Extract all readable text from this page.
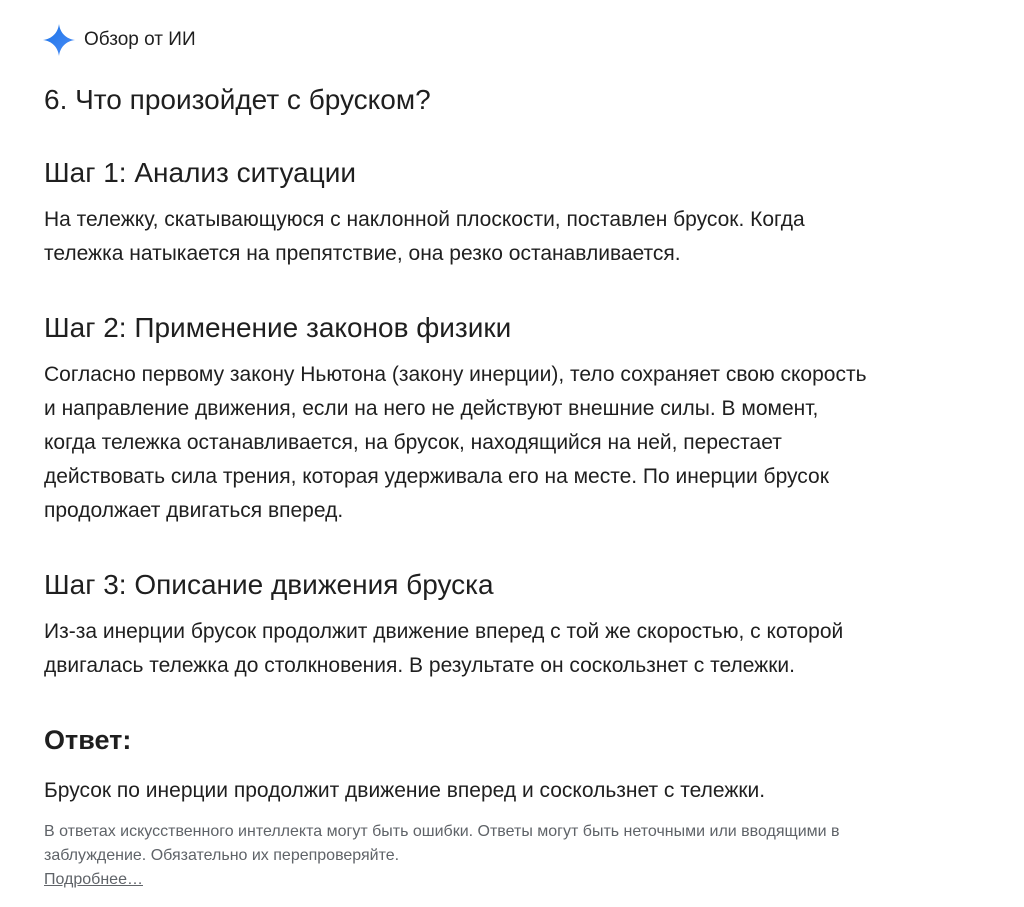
Обзор от ИИ
6. Что произойдет с бруском?
Шаг 1: Анализ ситуации

На тележку, скатывающуюся с наклонной плоскости, поставлен брусок. Когда
тележка натыкается на препятствие, она резко останавливается.

Шаг 2: Применение законов физики

Согласно первому закону Ньютона (закону инерции), тело сохраняет свою скорость
и направление движения, если на него не действуют внешние силы. В момент,
когда тележка останавливается, на брусок, находящийся на ней, перестает
действовать сила трения, которая удерживала его на месте. По инерции брусок
продолжает двигаться вперед.

Шаг 3: Описание движения бруска

Из-за инерции брусок продолжит движение вперед с той же скоростью, с которой
двигалась тележка до столкновения. В результате он соскользнет с тележки.

Ответ:

Брусок по инерции продолжит движение вперед и соскользнет с тележки.

В ответах искусственного интеллекта могут быть ошибки. Ответы могут быть неточными или вводящими в
заблуждение. Обязательно их перепроверяйте.
Подробнее…
